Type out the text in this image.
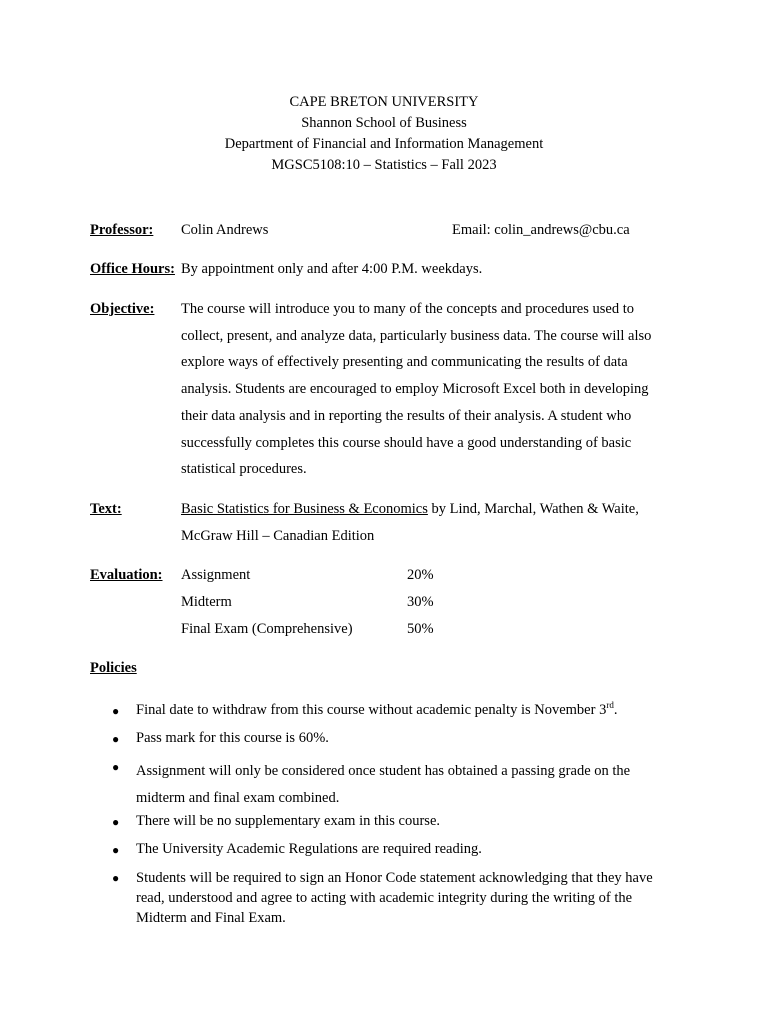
CAPE BRETON UNIVERSITY
Shannon School of Business
Department of Financial and Information Management
MGSC5108:10 – Statistics – Fall 2023
Professor: Colin Andrews	Email: colin_andrews@cbu.ca
Office Hours: By appointment only and after 4:00 P.M. weekdays.
Objective: The course will introduce you to many of the concepts and procedures used to
collect, present, and analyze data, particularly business data. The course will also
explore ways of effectively presenting and communicating the results of data
analysis. Students are encouraged to employ Microsoft Excel both in developing
their data analysis and in reporting the results of their analysis. A student who
successfully completes this course should have a good understanding of basic
statistical procedures.
Text:	Basic Statistics for Business & Economics by Lind, Marchal, Wathen & Waite,
McGraw Hill – Canadian Edition
Evaluation: Assignment	20%
Midterm	30%
Final Exam (Comprehensive)	50%
Policies
● Final date to withdraw from this course without academic penalty is November 3rd.
● Pass mark for this course is 60%.
● Assignment will only be considered once student has obtained a passing grade on the
midterm and final exam combined.
● There will be no supplementary exam in this course.
● The University Academic Regulations are required reading.
● Students will be required to sign an Honor Code statement acknowledging that they have
read, understood and agree to acting with academic integrity during the writing of the
Midterm and Final Exam.
